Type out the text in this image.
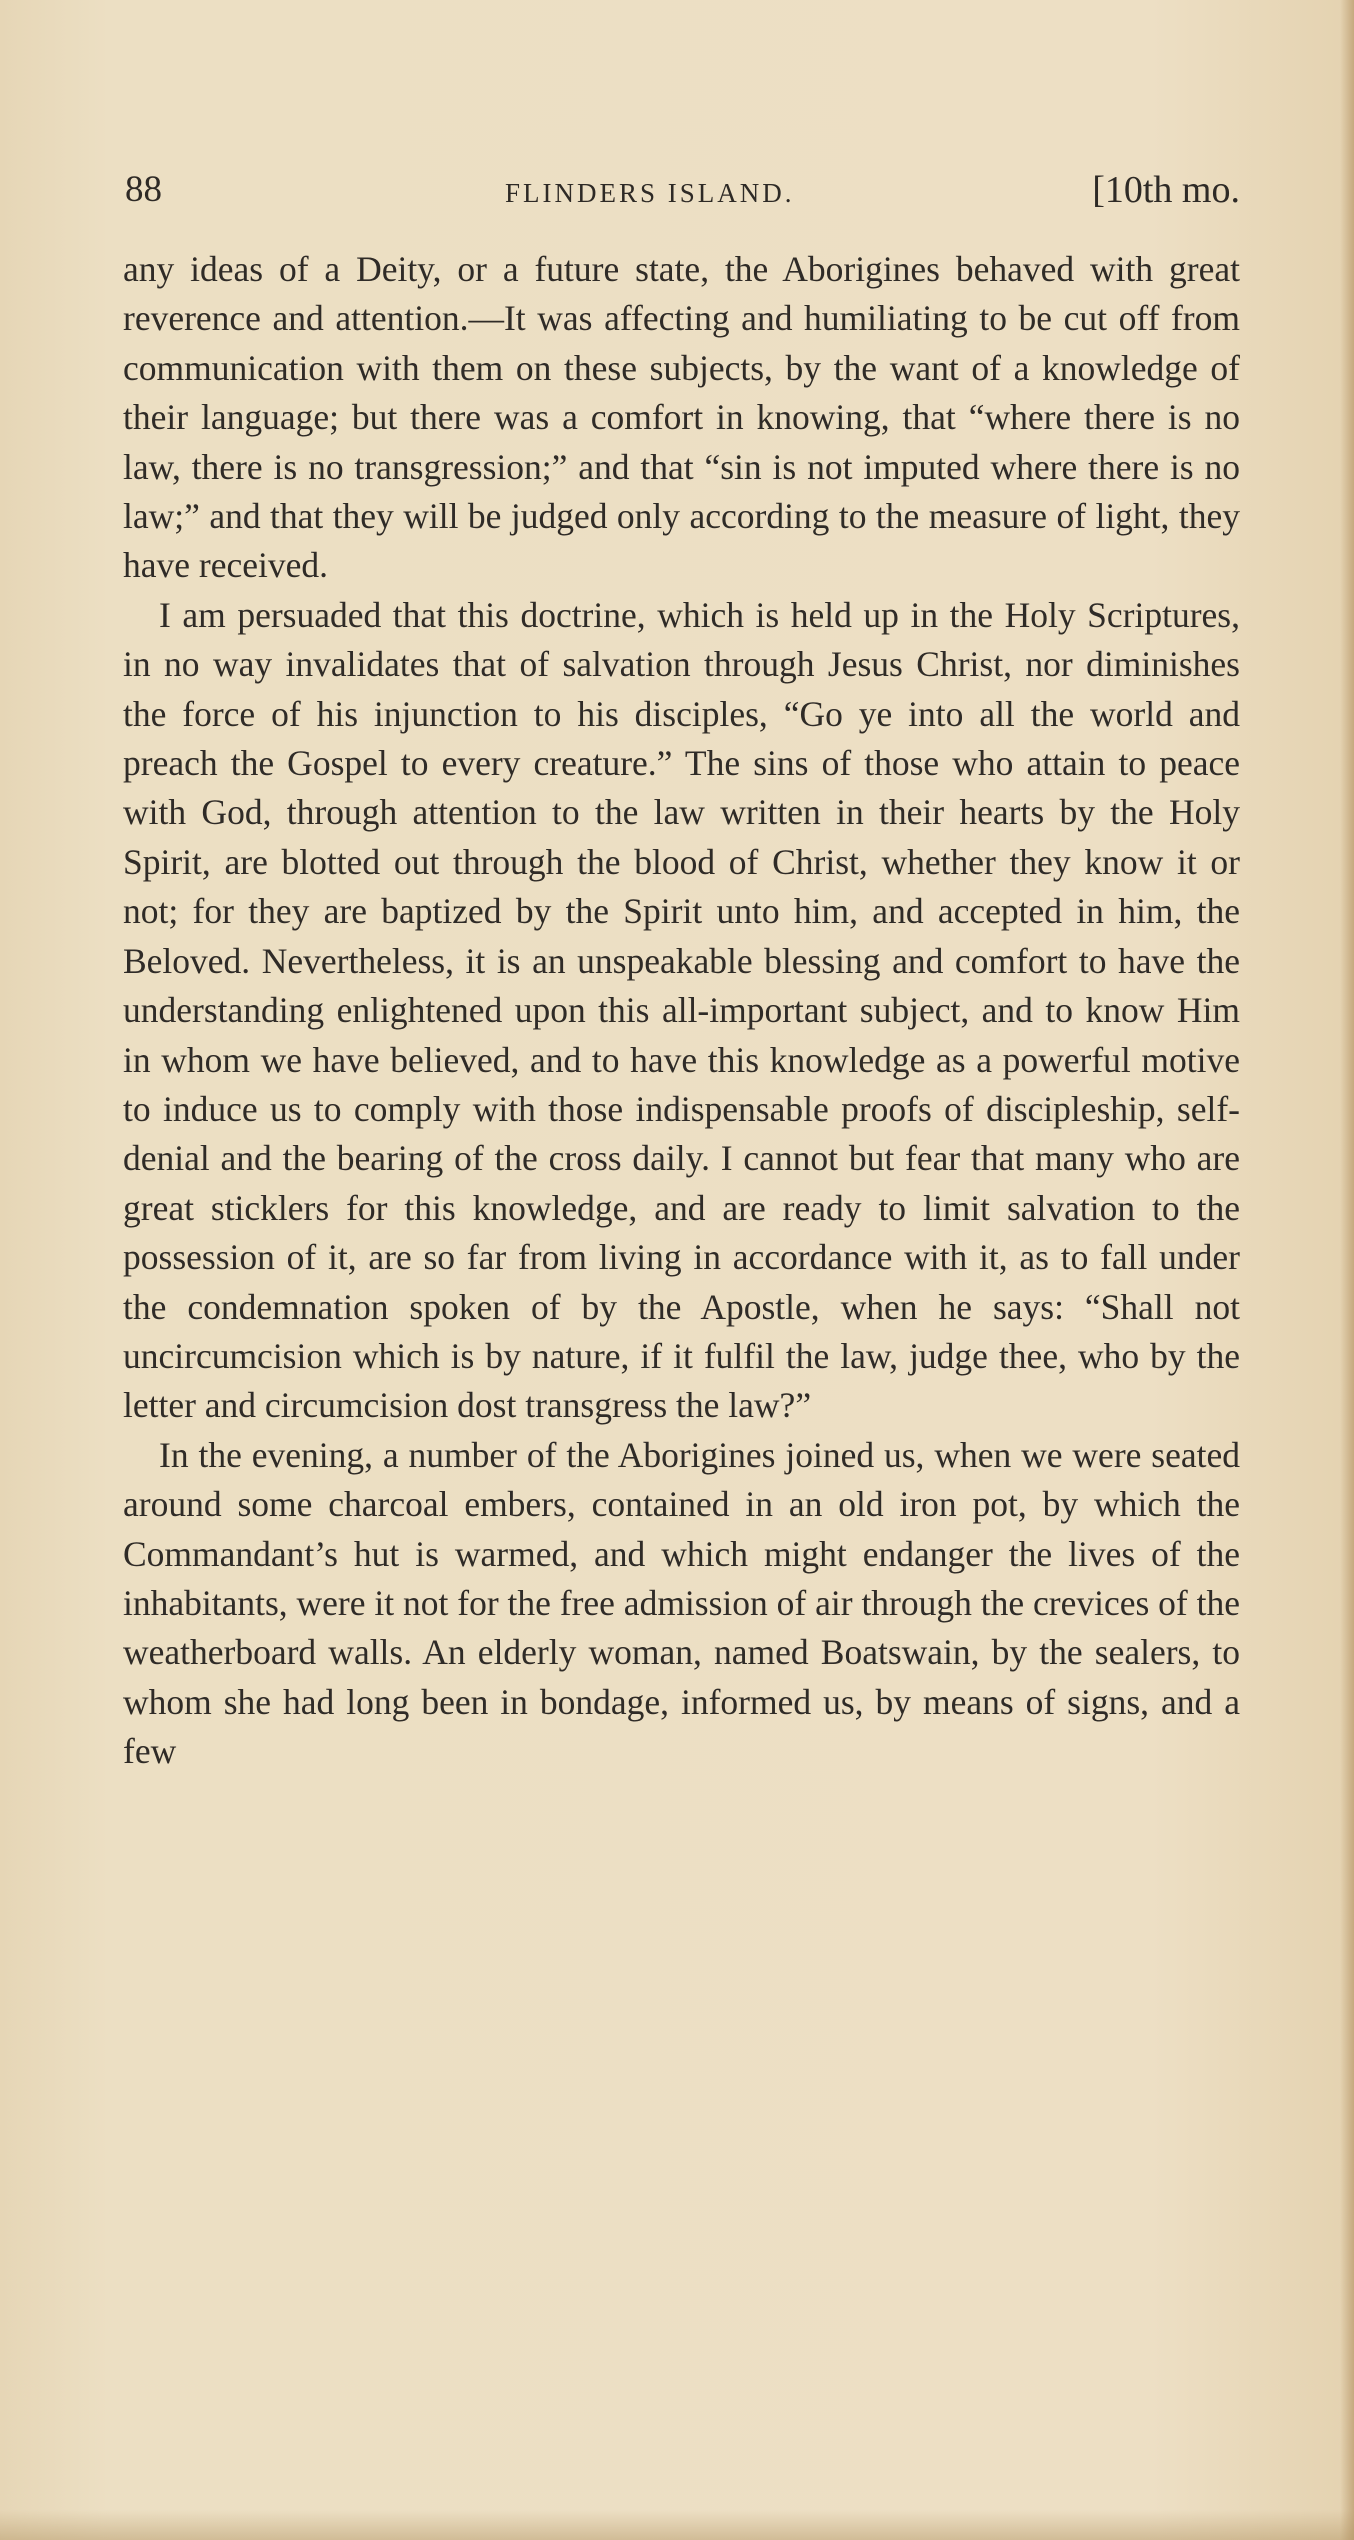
88	FLINDERS ISLAND.	[10th mo.

any ideas of a Deity, or a future state, the Aborigines behaved with great reverence and attention.—It was affecting and humiliating to be cut off from communication with them on these subjects, by the want of a knowledge of their language; but there was a comfort in knowing, that “where there is no law, there is no transgression;” and that “sin is not imputed where there is no law;” and that they will be judged only according to the measure of light, they have received.

I am persuaded that this doctrine, which is held up in the Holy Scriptures, in no way invalidates that of salvation through Jesus Christ, nor diminishes the force of his injunction to his disciples, “Go ye into all the world and preach the Gospel to every creature.” The sins of those who attain to peace with God, through attention to the law written in their hearts by the Holy Spirit, are blotted out through the blood of Christ, whether they know it or not; for they are baptized by the Spirit unto him, and accepted in him, the Beloved. Nevertheless, it is an unspeakable blessing and comfort to have the understanding enlightened upon this all-important subject, and to know Him in whom we have believed, and to have this knowledge as a powerful motive to induce us to comply with those indispensable proofs of discipleship, self-denial and the bearing of the cross daily. I cannot but fear that many who are great sticklers for this knowledge, and are ready to limit salvation to the possession of it, are so far from living in accordance with it, as to fall under the condemnation spoken of by the Apostle, when he says: “Shall not uncircumcision which is by nature, if it fulfil the law, judge thee, who by the letter and circumcision dost transgress the law?”

In the evening, a number of the Aborigines joined us, when we were seated around some charcoal embers, contained in an old iron pot, by which the Commandant’s hut is warmed, and which might endanger the lives of the inhabitants, were it not for the free admission of air through the crevices of the weatherboard walls. An elderly woman, named Boatswain, by the sealers, to whom she had long been in bondage, informed us, by means of signs, and a few
